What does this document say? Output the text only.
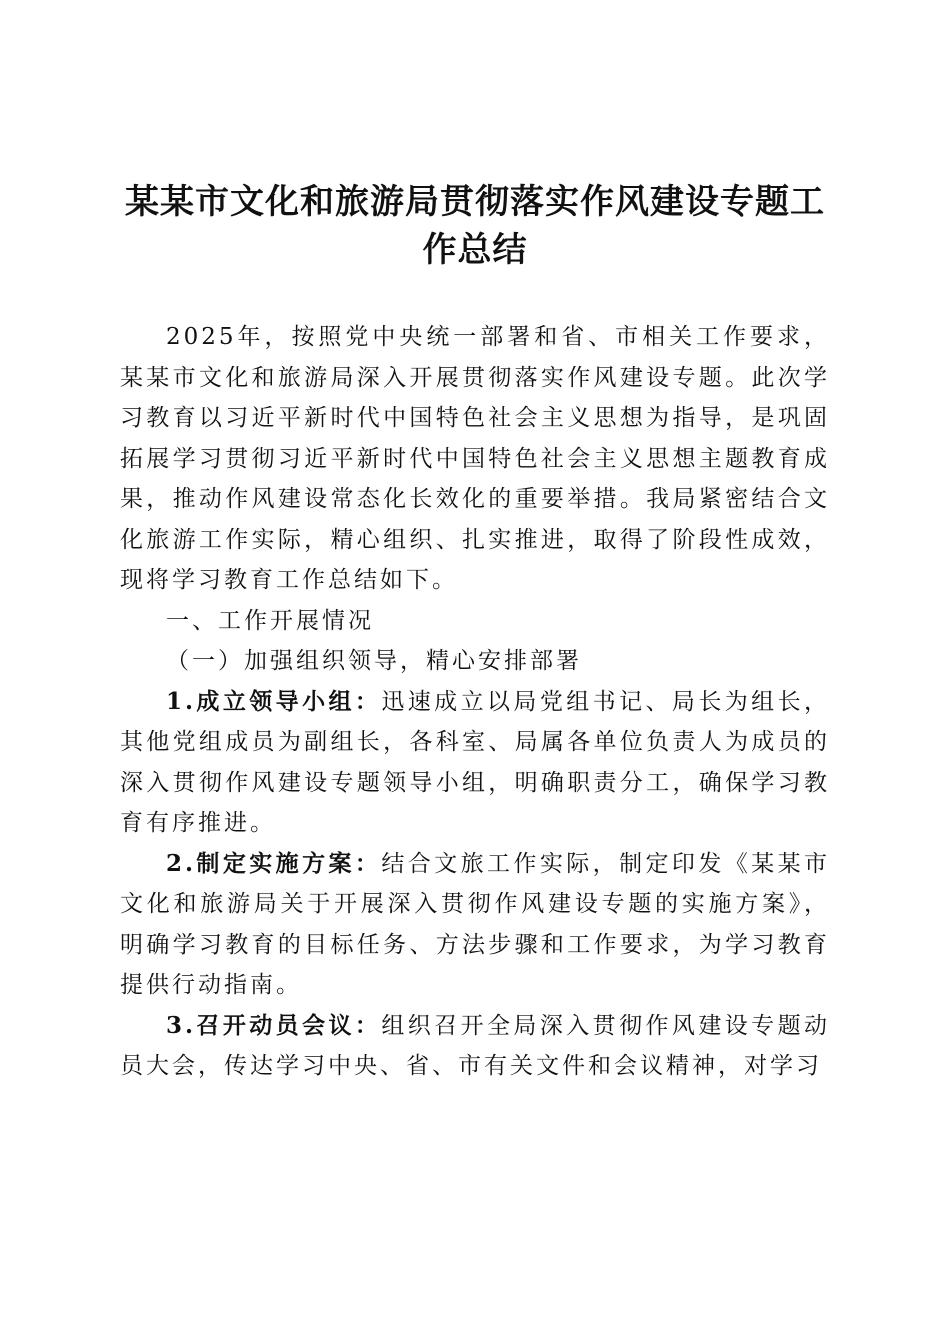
某某市文化和旅游局贯彻落实作风建设专题工作总结

2025年，按照党中央统一部署和省、市相关工作要求，某某市文化和旅游局深入开展贯彻落实作风建设专题。此次学习教育以习近平新时代中国特色社会主义思想为指导，是巩固拓展学习贯彻习近平新时代中国特色社会主义思想主题教育成果，推动作风建设常态化长效化的重要举措。我局紧密结合文化旅游工作实际，精心组织、扎实推进，取得了阶段性成效，现将学习教育工作总结如下。

一、工作开展情况

（一）加强组织领导，精心安排部署

1.成立领导小组：迅速成立以局党组书记、局长为组长，其他党组成员为副组长，各科室、局属各单位负责人为成员的深入贯彻作风建设专题领导小组，明确职责分工，确保学习教育有序推进。

2.制定实施方案：结合文旅工作实际，制定印发《某某市文化和旅游局关于开展深入贯彻作风建设专题的实施方案》，明确学习教育的目标任务、方法步骤和工作要求，为学习教育提供行动指南。

3.召开动员会议：组织召开全局深入贯彻作风建设专题动员大会，传达学习中央、省、市有关文件和会议精神，对学习
